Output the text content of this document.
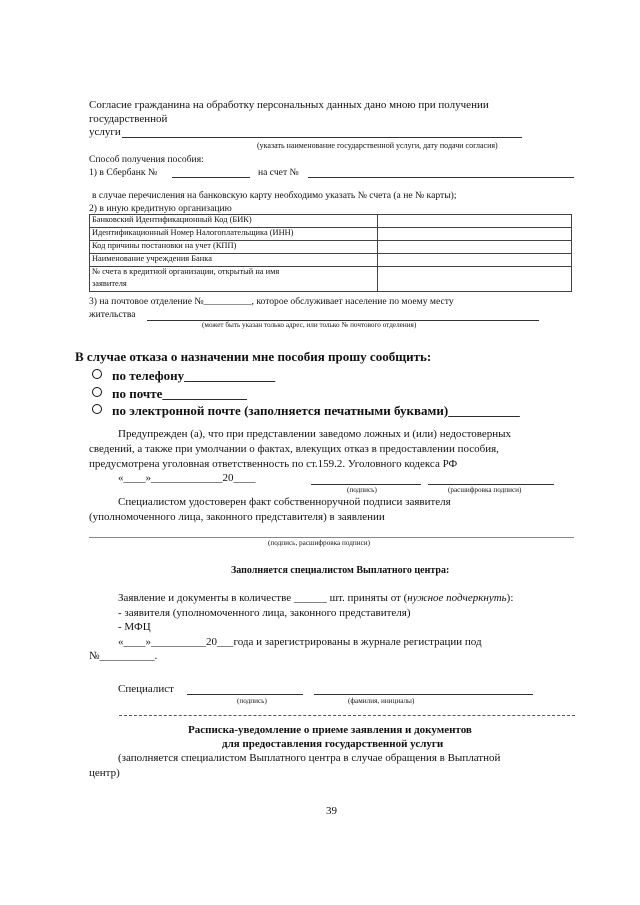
Согласие гражданина на обработку персональных данных дано мною при получении
государственной
услуги
(указать наименование государственной услуги, дату подачи согласия)
Способ получения пособия:
1) в Сбербанк №	на счет №
в случае перечисления на банковскую карту необходимо указать № счета (а не № карты);
2) в иную кредитную организацию
Банковский Идентификационный Код (БИК)	
Идентификационный Номер Налогоплательщика (ИНН)	
Код причины постановки на учет (КПП)	
Наименование учреждения Банка	
№ счета в кредитной организации, открытый на имя	
заявителя	
3) на почтовое отделение №__________, которое обслуживает население по моему месту
жительства
(может быть указан только адрес, или только № почтового отделения)
В случае отказа о назначении мне пособия прошу сообщить:
по телефону______________
по почте_____________
по электронной почте (заполняется печатными буквами)___________
Предупрежден (а), что при представлении заведомо ложных и (или) недостоверных
сведений, а также при умолчании о фактах, влекущих отказ в предоставлении пособия,
предусмотрена уголовная ответственность по ст.159.2. Уголовного кодекса РФ
«____»_____________20____
(подпись)	(расшифровка подписи)
Специалистом удостоверен факт собственноручной подписи заявителя
(уполномоченного лица, законного представителя) в заявлении
(подпись, расшифровка подписи)
Заполняется специалистом Выплатного центра:
Заявление и документы в количестве ______ шт. приняты от (нужное подчеркнуть):
- заявителя (уполномоченного лица, законного представителя)
- МФЦ
«____»__________20___года и зарегистрированы в журнале регистрации под
№__________.
Специалист
(подпись)	(фамилия, инициалы)
Расписка-уведомление о приеме заявления и документов
для предоставления государственной услуги
(заполняется специалистом Выплатного центра в случае обращения в Выплатной
центр)
39
